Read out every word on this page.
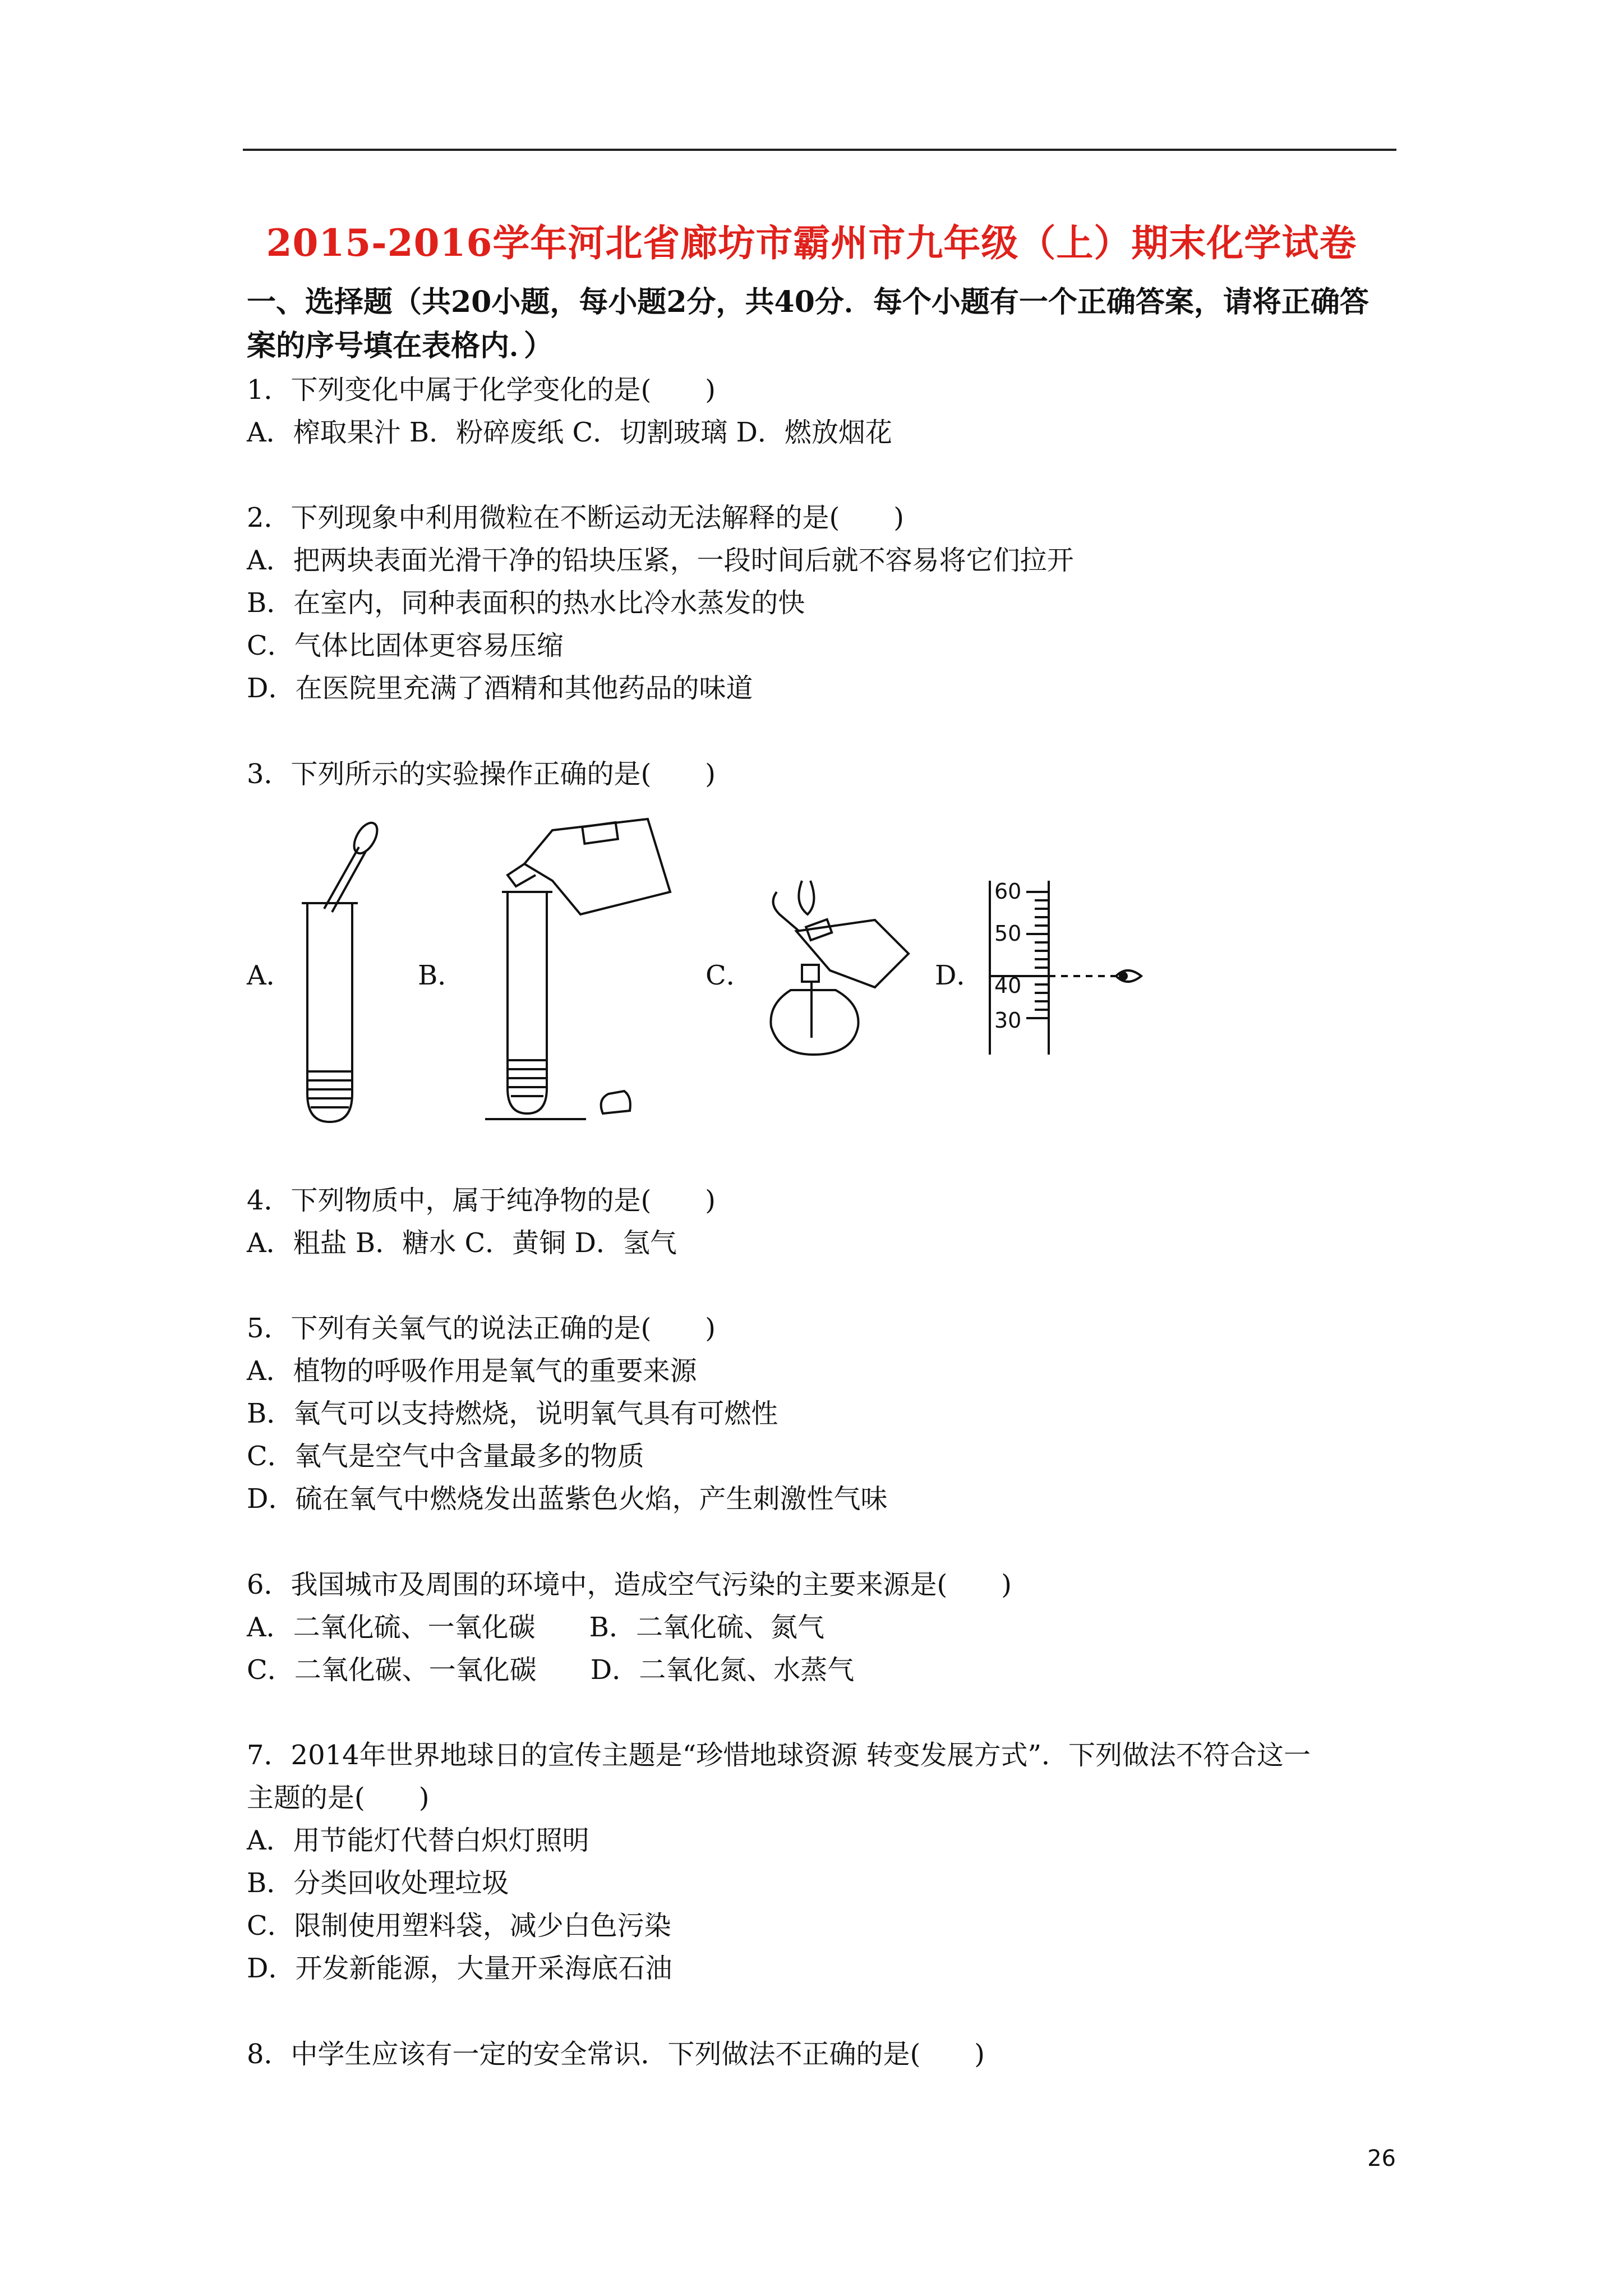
2015-2016学年河北省廊坊市霸州市九年级（上）期末化学试卷
一、选择题（共20小题，每小题2分，共40分．每个小题有一个正确答案，请将正确答案的序号填在表格内．）
1．下列变化中属于化学变化的是(　　)
A．榨取果汁 B．粉碎废纸 C．切割玻璃 D．燃放烟花
2．下列现象中利用微粒在不断运动无法解释的是(　　)
A．把两块表面光滑干净的铅块压紧，一段时间后就不容易将它们拉开
B．在室内，同种表面积的热水比冷水蒸发的快
C．气体比固体更容易压缩
D．在医院里充满了酒精和其他药品的味道
3．下列所示的实验操作正确的是(　　)
A．	B．	C．	D．
60
50
40
30
4．下列物质中，属于纯净物的是(　　)
A．粗盐 B．糖水 C．黄铜 D．氢气
5．下列有关氧气的说法正确的是(　　)
A．植物的呼吸作用是氧气的重要来源
B．氧气可以支持燃烧，说明氧气具有可燃性
C．氧气是空气中含量最多的物质
D．硫在氧气中燃烧发出蓝紫色火焰，产生刺激性气味
6．我国城市及周围的环境中，造成空气污染的主要来源是(　　)
A．二氧化硫、一氧化碳　　B．二氧化硫、氮气
C．二氧化碳、一氧化碳　　D．二氧化氮、水蒸气
7．2014年世界地球日的宣传主题是“珍惜地球资源 转变发展方式”．下列做法不符合这一
主题的是(　　)
A．用节能灯代替白炽灯照明
B．分类回收处理垃圾
C．限制使用塑料袋，减少白色污染
D．开发新能源，大量开采海底石油
8．中学生应该有一定的安全常识．下列做法不正确的是(　　)
26
